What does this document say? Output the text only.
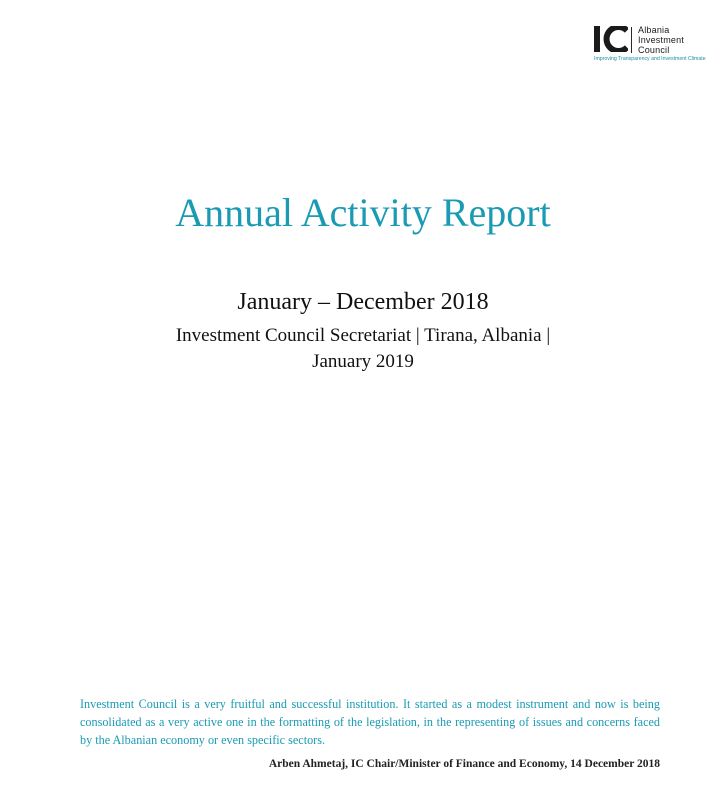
Albania
Investment
Council
Improving Transparency and Investment Climate
Annual Activity Report
January – December 2018
Investment Council Secretariat | Tirana, Albania |
January 2019

Investment Council is a very fruitful and successful institution. It started as a modest instrument and now is being consolidated as a very active one in the formatting of the legislation, in the representing of issues and concerns faced by the Albanian economy or even specific sectors.

Arben Ahmetaj, IC Chair/Minister of Finance and Economy, 14 December 2018
